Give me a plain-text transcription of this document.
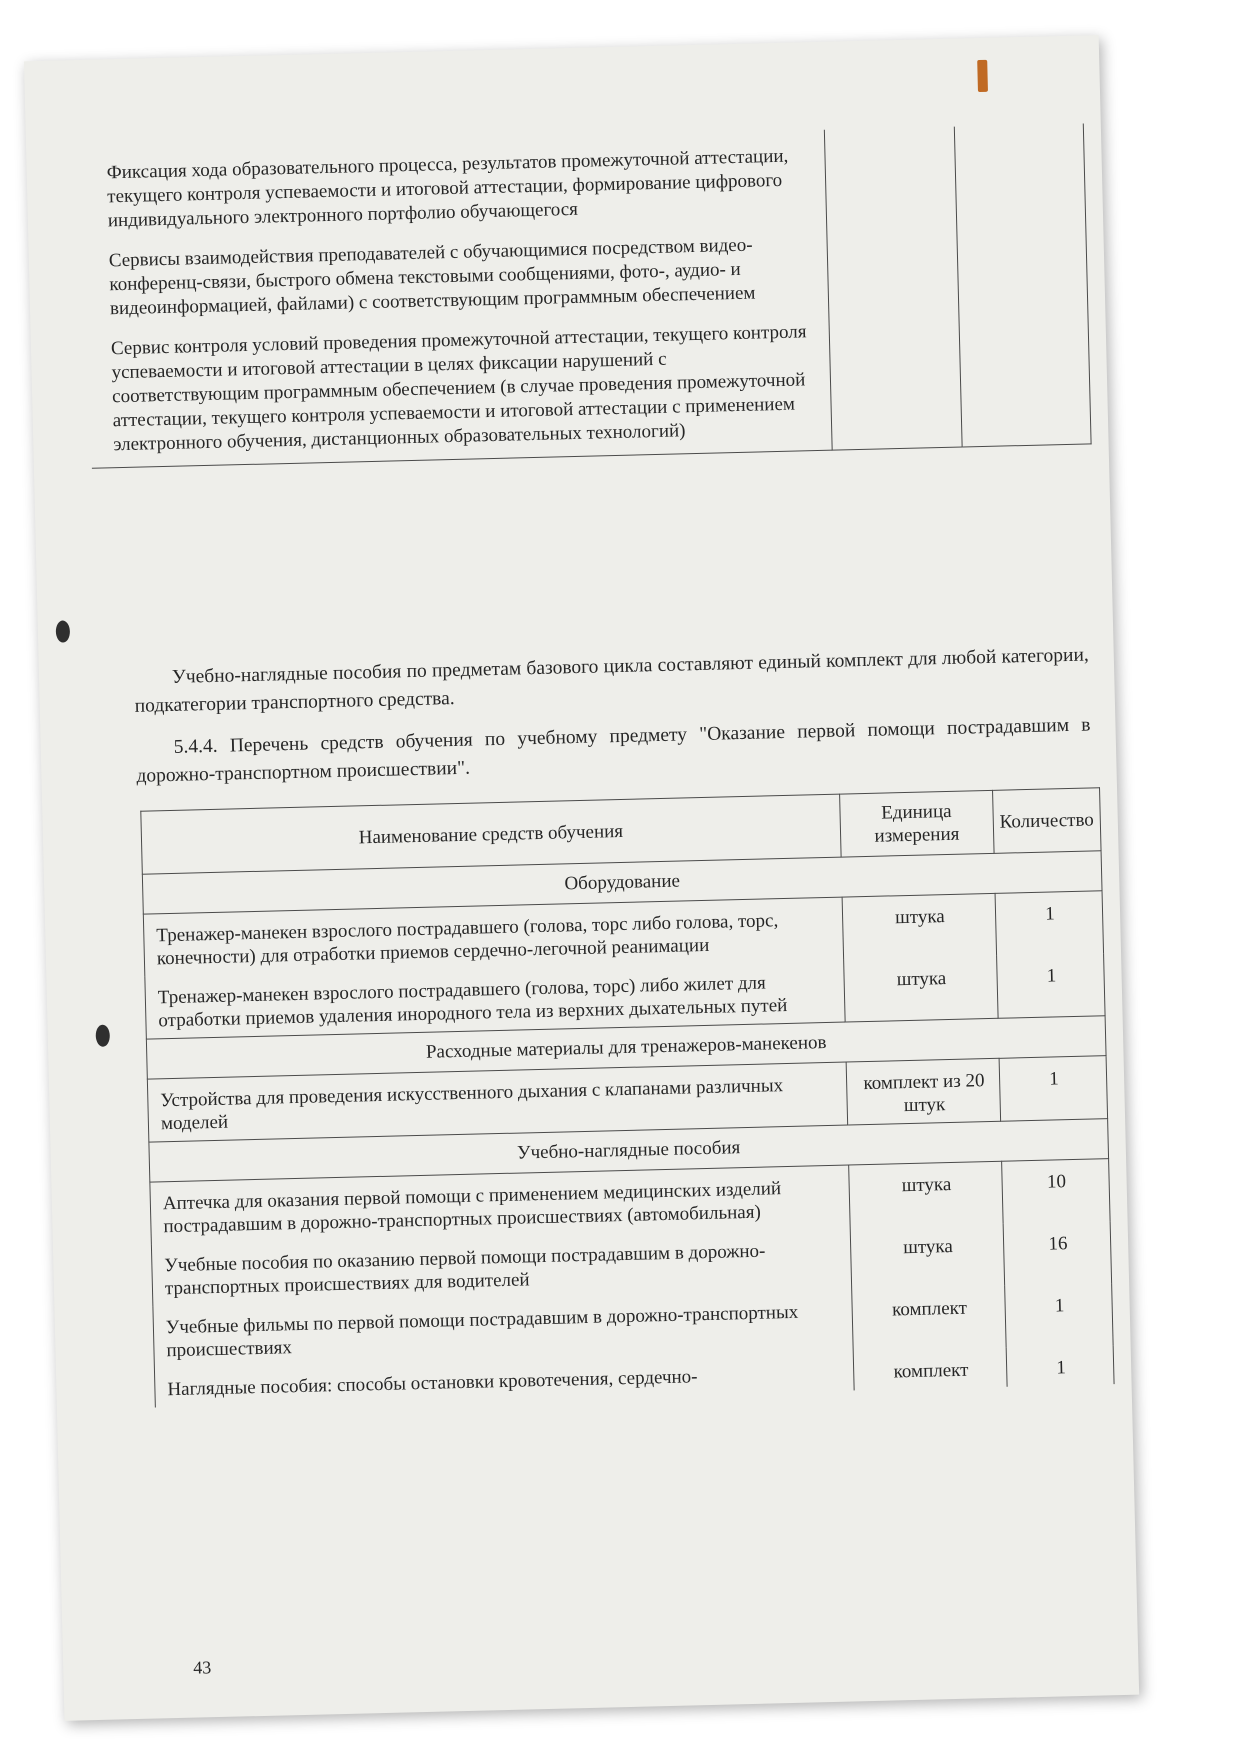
Фиксация хода образовательного процесса, результатов промежуточной аттестации, текущего контроля успеваемости и итоговой аттестации, формирование цифрового индивидуального электронного портфолио обучающегося
Сервисы взаимодействия преподавателей с обучающимися посредством видео-конференц-связи, быстрого обмена текстовыми сообщениями, фото-, аудио- и видеоинформацией, файлами) с соответствующим программным обеспечением
Сервис контроля условий проведения промежуточной аттестации, текущего контроля успеваемости и итоговой аттестации в целях фиксации нарушений с соответствующим программным обеспечением (в случае проведения промежуточной аттестации, текущего контроля успеваемости и итоговой аттестации с применением электронного обучения, дистанционных образовательных технологий)

Учебно-наглядные пособия по предметам базового цикла составляют единый комплект для любой категории, подкатегории транспортного средства.
5.4.4. Перечень средств обучения по учебному предмету "Оказание первой помощи пострадавшим в дорожно-транспортном происшествии".
Наименование средств обучения	Единица измерения	Количество
Оборудование		
Тренажер-манекен взрослого пострадавшего (голова, торс либо голова, торс, конечности) для отработки приемов сердечно-легочной реанимации	штука	1
Тренажер-манекен взрослого пострадавшего (голова, торс) либо жилет для отработки приемов удаления инородного тела из верхних дыхательных путей	штука	1
Расходные материалы для тренажеров-манекенов		
Устройства для проведения искусственного дыхания с клапанами различных моделей	комплект из 20 штук	1
Учебно-наглядные пособия		
Аптечка для оказания первой помощи с применением медицинских изделий пострадавшим в дорожно-транспортных происшествиях (автомобильная)	штука	10
Учебные пособия по оказанию первой помощи пострадавшим в дорожно-транспортных происшествиях для водителей	штука	16
Учебные фильмы по первой помощи пострадавшим в дорожно-транспортных происшествиях	комплект	1
Наглядные пособия: способы остановки кровотечения, сердечно-	комплект	1
43
